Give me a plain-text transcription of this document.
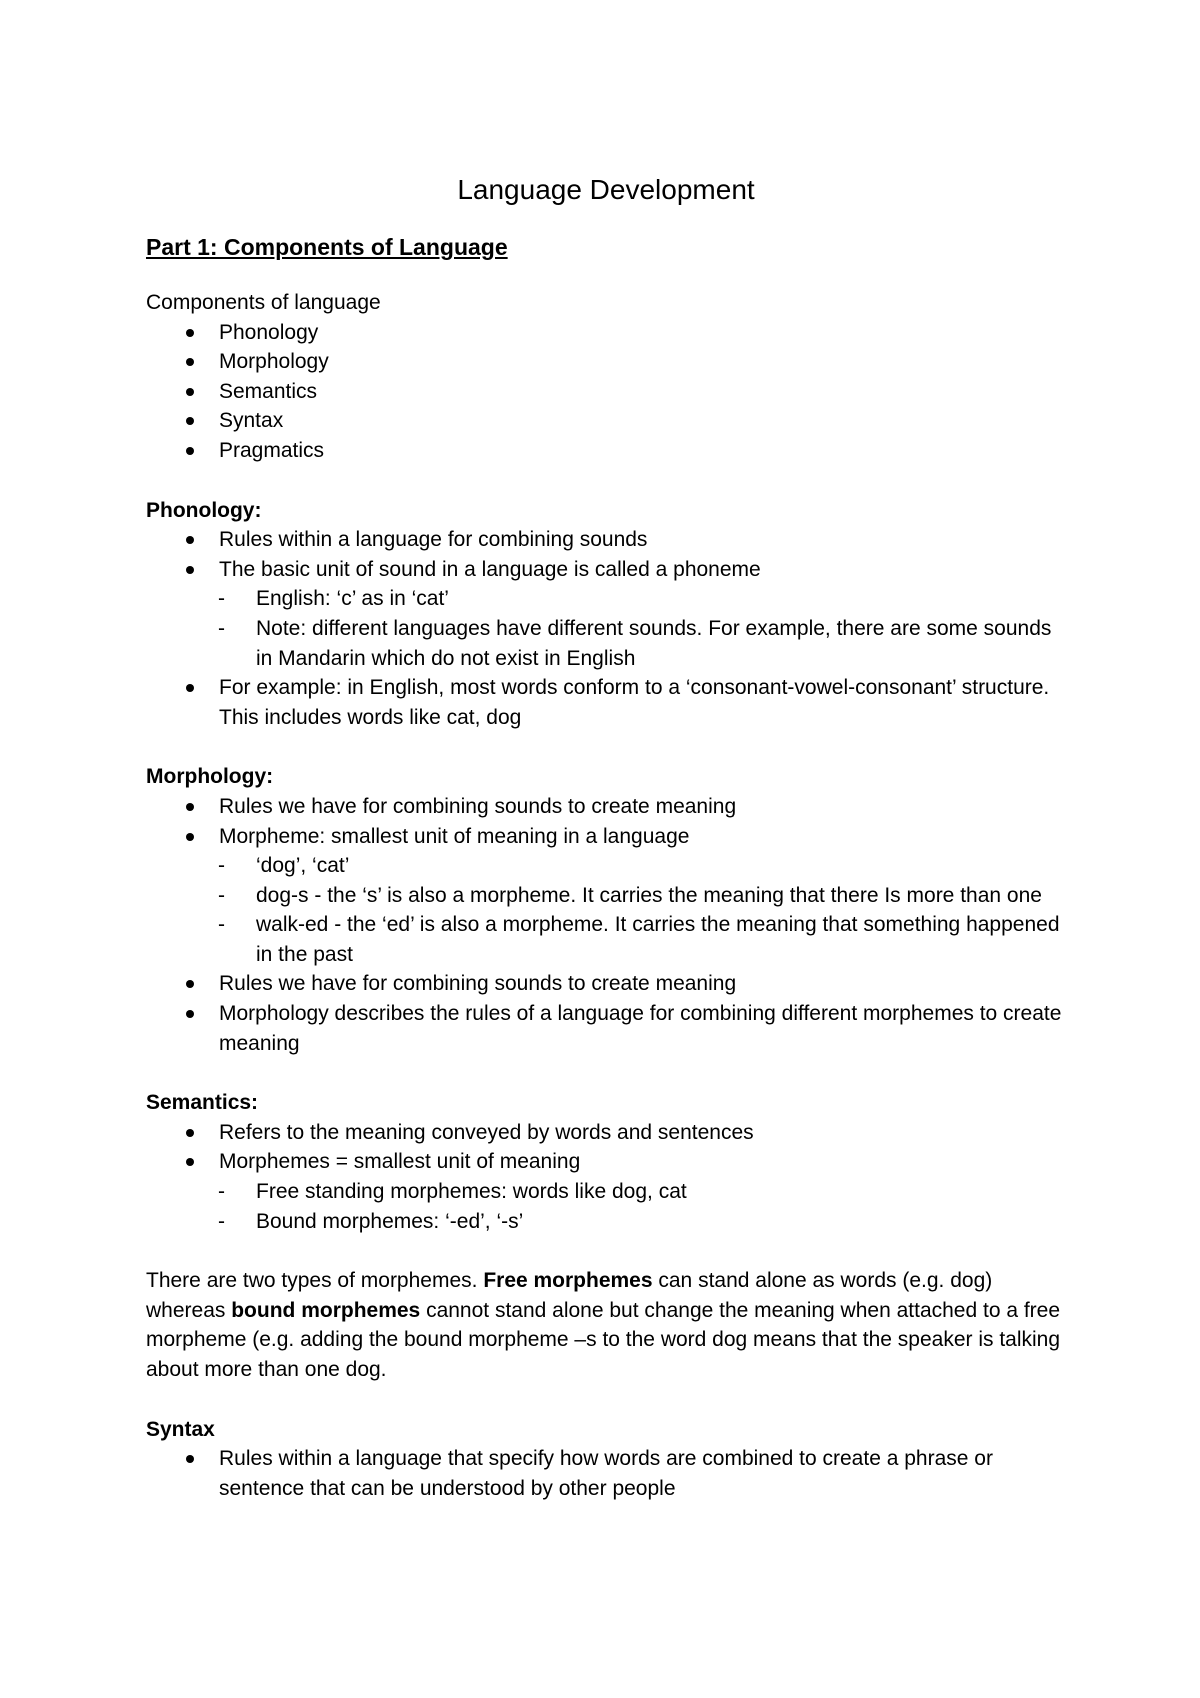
Language Development
Part 1: Components of Language

Components of language

Phonology
Morphology
Semantics
Syntax
Pragmatics

Phonology:

Rules within a language for combining sounds
The basic unit of sound in a language is called a phoneme
- English: ‘c’ as in ‘cat’
- Note: different languages have different sounds. For example, there are some sounds in Mandarin which do not exist in English
For example: in English, most words conform to a ‘consonant-vowel-consonant’ structure. This includes words like cat, dog

Morphology:

Rules we have for combining sounds to create meaning
Morpheme: smallest unit of meaning in a language
- ‘dog’, ‘cat’
- dog-s - the ‘s’ is also a morpheme. It carries the meaning that there Is more than one
- walk-ed - the ‘ed’ is also a morpheme. It carries the meaning that something happened in the past
Rules we have for combining sounds to create meaning
Morphology describes the rules of a language for combining different morphemes to create meaning

Semantics:

Refers to the meaning conveyed by words and sentences
Morphemes = smallest unit of meaning
- Free standing morphemes: words like dog, cat
- Bound morphemes: ‘-ed’, ‘-s’

There are two types of morphemes. Free morphemes can stand alone as words (e.g. dog) whereas bound morphemes cannot stand alone but change the meaning when attached to a free morpheme (e.g. adding the bound morpheme –s to the word dog means that the speaker is talking about more than one dog.

Syntax

Rules within a language that specify how words are combined to create a phrase or sentence that can be understood by other people
